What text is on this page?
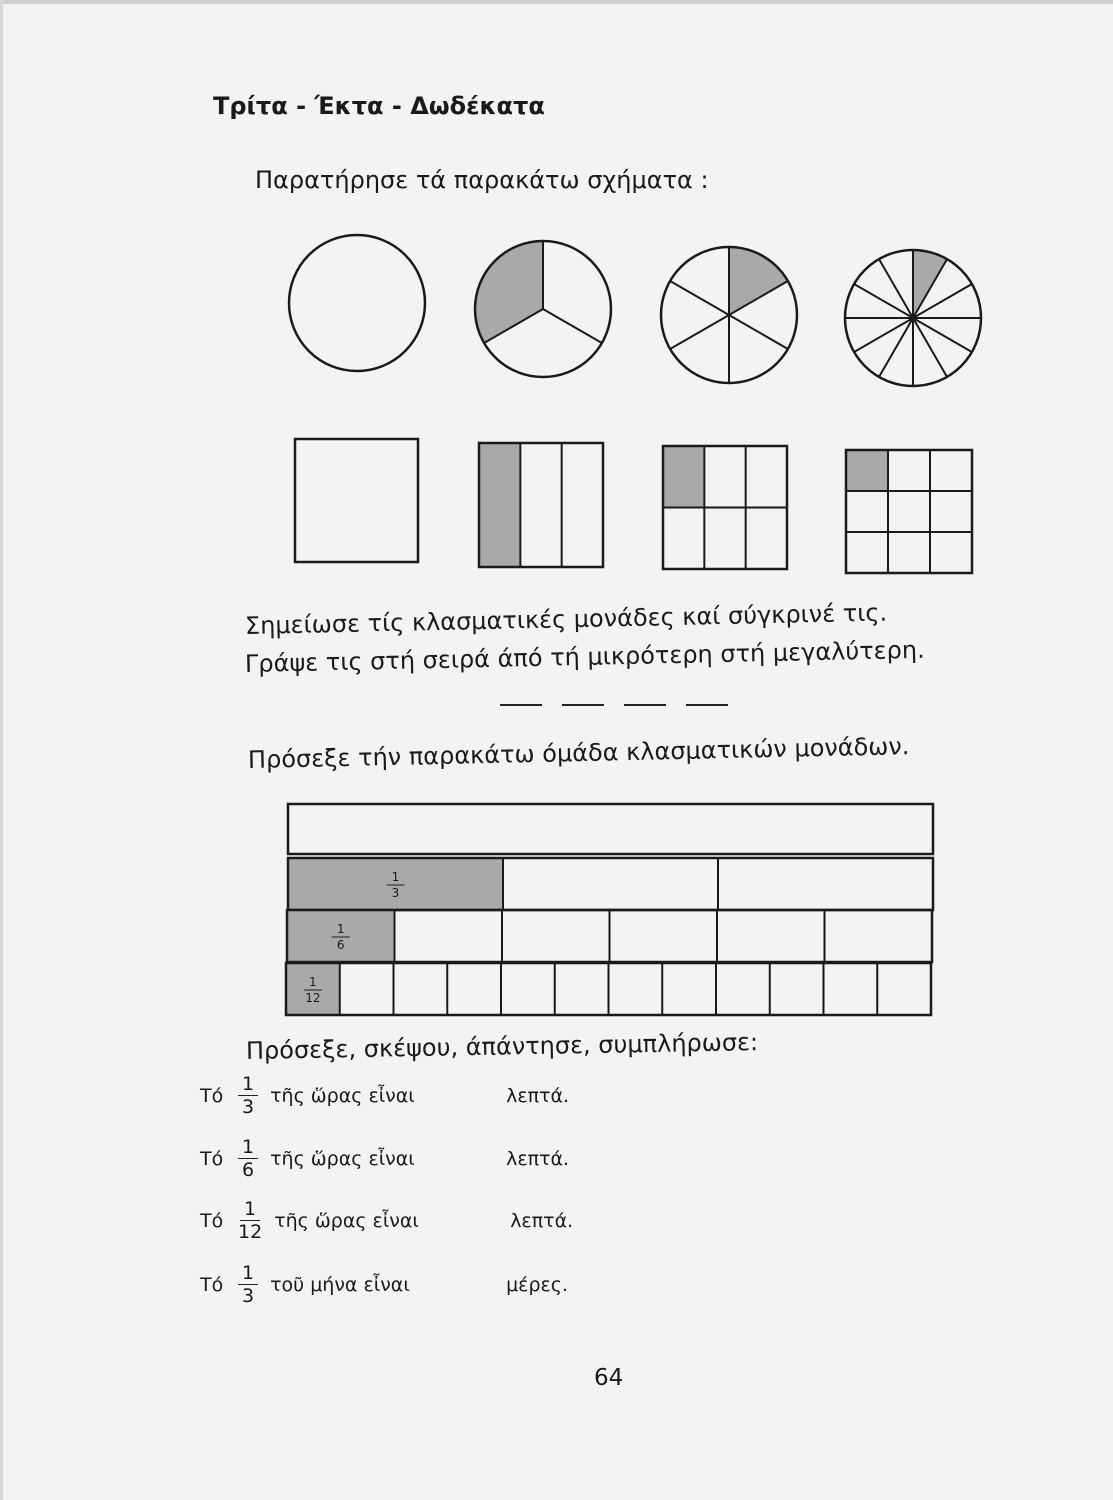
Τρίτα - Έκτα - Δωδέκατα
Παρατήρησε τά παρακάτω σχήματα :
1
3
1
6
1
12
Σημείωσε τίς κλασματικές μονάδες καί σύγκρινέ τις.
Γράψε τις στή σειρά άπό τή μικρότερη στή μεγαλύτερη.
Πρόσεξε τήν παρακάτω όμάδα κλασματικών μονάδων.
Πρόσεξε, σκέψου, άπάντησε, συμπλήρωσε:
Τό $\frac{1}{3}$ τῆς ὥρας εἶναι	λεπτά.
Τό $\frac{1}{6}$ τῆς ὥρας εἶναι	λεπτά.
Τό $\frac{1}{12}$ τῆς ὥρας εἶναι	λεπτά.
Τό $\frac{1}{3}$ τοῦ μήνα εἶναι	μέρες.
64
